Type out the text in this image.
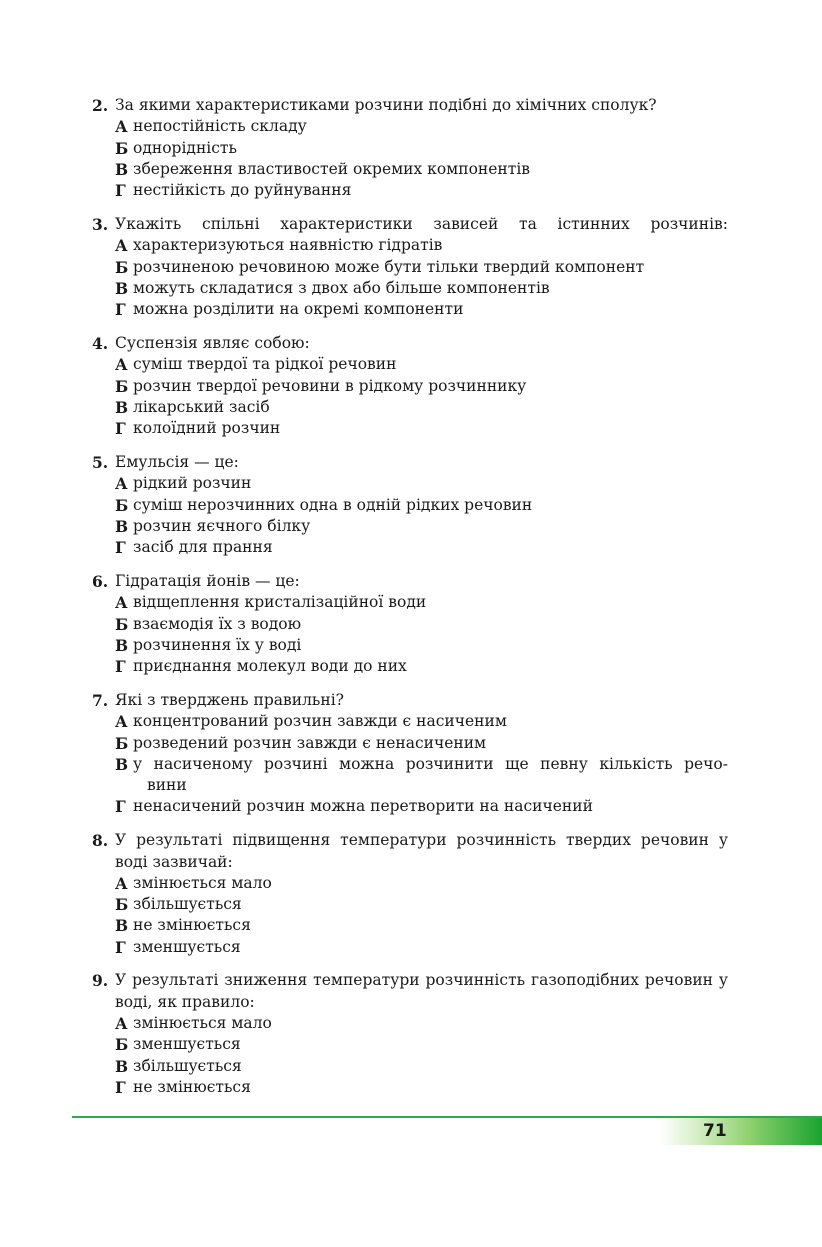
2. За якими характеристиками розчини подібні до хімічних сполук?
А непостійність складу
Б однорідність
В збереження властивостей окремих компонентів
Г нестійкість до руйнування
3. Укажіть спільні характеристики зависей та істинних розчинів:
А характеризуються наявністю гідратів
Б розчиненою речовиною може бути тільки твердий компонент
В можуть складатися з двох або більше компонентів
Г можна розділити на окремі компоненти
4. Суспензія являє собою:
А суміш твердої та рідкої речовин
Б розчин твердої речовини в рідкому розчиннику
В лікарський засіб
Г колоїдний розчин
5. Емульсія — це:
А рідкий розчин
Б суміш нерозчинних одна в одній рідких речовин
В розчин яєчного білку
Г засіб для прання
6. Гідратація йонів — це:
А відщеплення кристалізаційної води
Б взаємодія їх з водою
В розчинення їх у воді
Г приєднання молекул води до них
7. Які з тверджень правильні?
А концентрований розчин завжди є насиченим
Б розведений розчин завжди є ненасиченим
В у насиченому розчині можна розчинити ще певну кількість речо-
вини
Г ненасичений розчин можна перетворити на насичений
8. У результаті підвищення температури розчинність твердих речовин у воді зазвичай:
А змінюється мало
Б збільшується
В не змінюється
Г зменшується
9. У результаті зниження температури розчинність газоподібних речовин у воді, як правило:
А змінюється мало
Б зменшується
В збільшується
Г не змінюється
71
